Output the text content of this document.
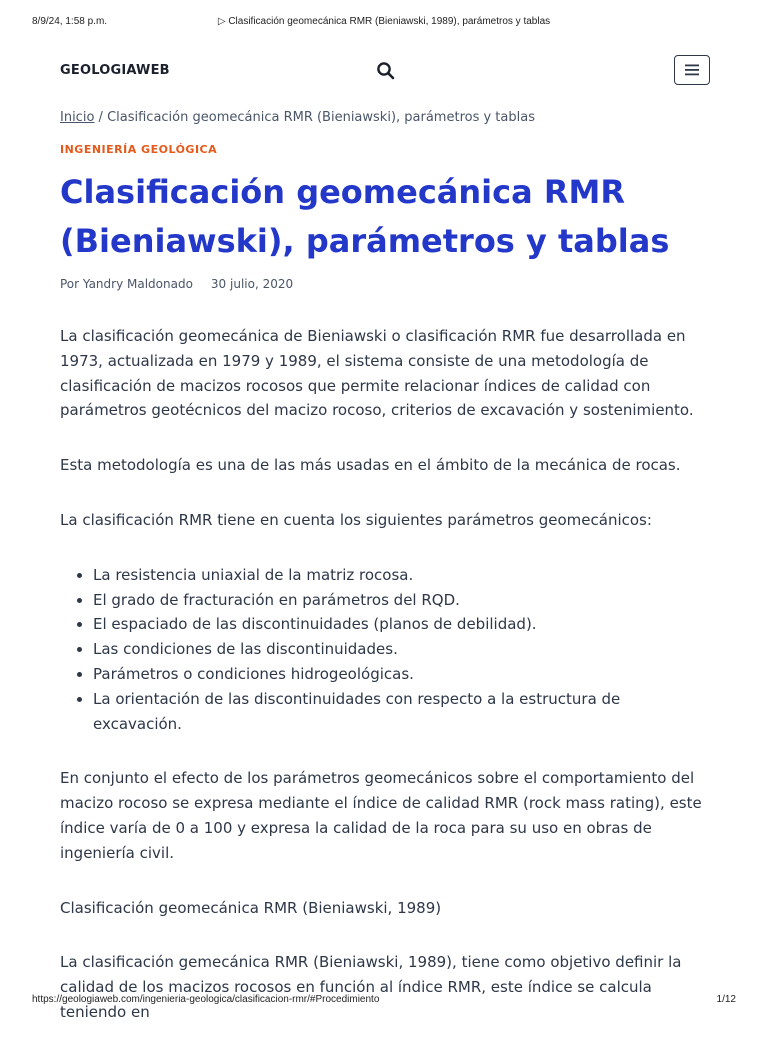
8/9/24, 1:58 p.m.	▷ Clasificación geomecánica RMR (Bieniawski, 1989), parámetros y tablas
GEOLOGIAWEB
Inicio / Clasificación geomecánica RMR (Bieniawski), parámetros y tablas
INGENIERÍA GEOLÓGICA
Clasificación geomecánica RMR (Bieniawski), parámetros y tablas
Por Yandry Maldonado 30 julio, 2020

La clasificación geomecánica de Bieniawski o clasificación RMR fue desarrollada en 1973, actualizada en 1979 y 1989, el sistema consiste de una metodología de clasificación de macizos rocosos que permite relacionar índices de calidad con parámetros geotécnicos del macizo rocoso, criterios de excavación y sostenimiento.

Esta metodología es una de las más usadas en el ámbito de la mecánica de rocas.

La clasificación RMR tiene en cuenta los siguientes parámetros geomecánicos:

• La resistencia uniaxial de la matriz rocosa.
• El grado de fracturación en parámetros del RQD.
• El espaciado de las discontinuidades (planos de debilidad).
• Las condiciones de las discontinuidades.
• Parámetros o condiciones hidrogeológicas.
• La orientación de las discontinuidades con respecto a la estructura de excavación.

En conjunto el efecto de los parámetros geomecánicos sobre el comportamiento del macizo rocoso se expresa mediante el índice de calidad RMR (rock mass rating), este índice varía de 0 a 100 y expresa la calidad de la roca para su uso en obras de ingeniería civil.

Clasificación geomecánica RMR (Bieniawski, 1989)

La clasificación gemecánica RMR (Bieniawski, 1989), tiene como objetivo definir la calidad de los macizos rocosos en función al índice RMR, este índice se calcula teniendo en

https://geologiaweb.com/ingenieria-geologica/clasificacion-rmr/#Procedimiento	1/12
